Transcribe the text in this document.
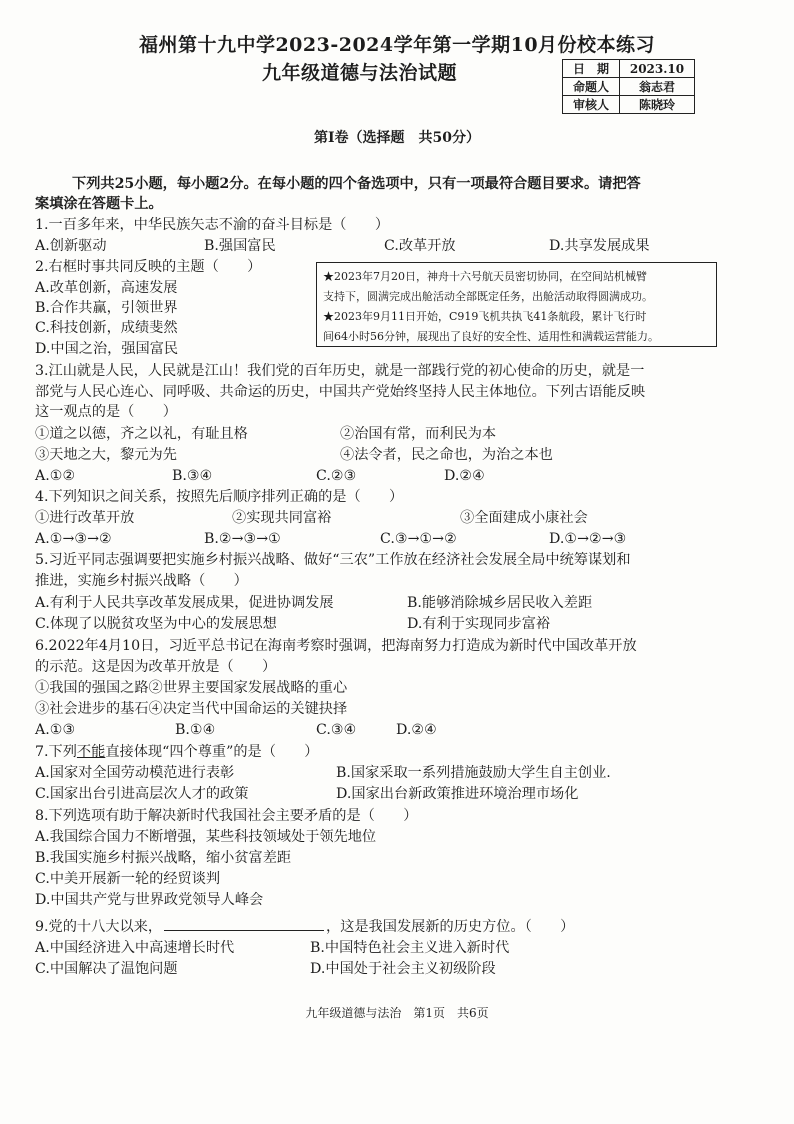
福州第十九中学2023-2024学年第一学期10月份校本练习
九年级道德与法治试题	日　期	2023.10
命题人	翁志君
审核人	陈晓玲
第Ⅰ卷（选择题　共50分）
下列共25小题，每小题2分。在每小题的四个备选项中，只有一项最符合题目要求。请把答
案填涂在答题卡上。
1.一百多年来，中华民族矢志不渝的奋斗目标是（　　）
A.创新驱动	B.强国富民	C.改革开放	D.共享发展成果
2.右框时事共同反映的主题（　　）
A.改革创新，高速发展
B.合作共赢，引领世界
C.科技创新，成绩斐然
D.中国之治，强国富民
★2023年7月20日，神舟十六号航天员密切协同，在空间站机械臂
支持下，圆满完成出舱活动全部既定任务，出舱活动取得圆满成功。
★2023年9月11日开始，C919飞机共执飞41条航段，累计飞行时
间64小时56分钟，展现出了良好的安全性、适用性和满载运营能力。
3.江山就是人民，人民就是江山！我们党的百年历史，就是一部践行党的初心使命的历史，就是一
部党与人民心连心、同呼吸、共命运的历史，中国共产党始终坚持人民主体地位。下列古语能反映
这一观点的是（　　）
①道之以德，齐之以礼，有耻且格	②治国有常，而利民为本
③天地之大，黎元为先	④法令者，民之命也，为治之本也
A.①②	B.③④	C.②③	D.②④
4.下列知识之间关系，按照先后顺序排列正确的是（　　）
①进行改革开放	②实现共同富裕	③全面建成小康社会
A.①→③→②	B.②→③→①	C.③→①→②	D.①→②→③
5.习近平同志强调要把实施乡村振兴战略、做好“三农”工作放在经济社会发展全局中统筹谋划和
推进，实施乡村振兴战略（　　）
A.有利于人民共享改革发展成果，促进协调发展	B.能够消除城乡居民收入差距
C.体现了以脱贫攻坚为中心的发展思想	D.有利于实现同步富裕
6.2022年4月10日，习近平总书记在海南考察时强调，把海南努力打造成为新时代中国改革开放
的示范。这是因为改革开放是（　　）
①我国的强国之路②世界主要国家发展战略的重心
③社会进步的基石④决定当代中国命运的关键抉择
A.①③	B.①④	C.③④	D.②④
7.下列不能直接体现“四个尊重”的是（　　）
A.国家对全国劳动模范进行表彰	B.国家采取一系列措施鼓励大学生自主创业.
C.国家出台引进高层次人才的政策	D.国家出台新政策推进环境治理市场化
8.下列选项有助于解决新时代我国社会主要矛盾的是（　　）
A.我国综合国力不断增强，某些科技领域处于领先地位
B.我国实施乡村振兴战略，缩小贫富差距
C.中美开展新一轮的经贸谈判
D.中国共产党与世界政党领导人峰会
9.党的十八大以来，	，这是我国发展新的历史方位。（　　）
A.中国经济进入中高速增长时代	B.中国特色社会主义进入新时代
C.中国解决了温饱问题	D.中国处于社会主义初级阶段
九年级道德与法治　第1页　共6页
